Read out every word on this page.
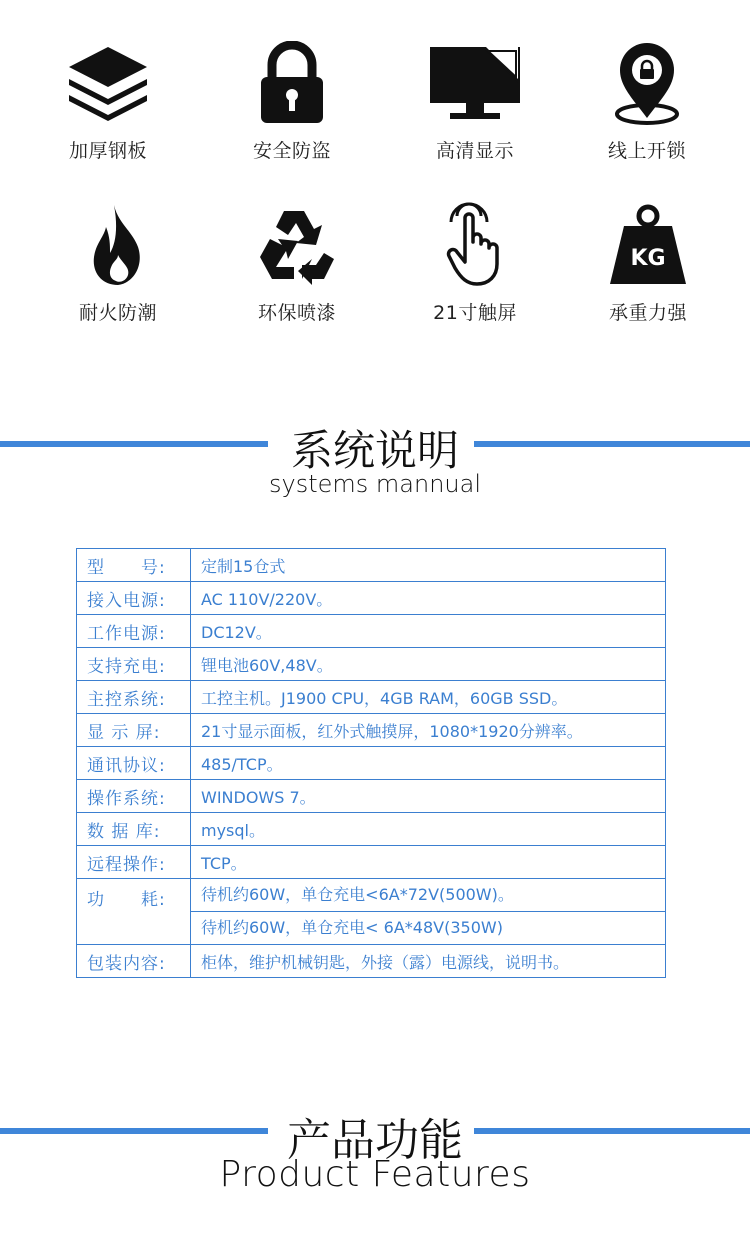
加厚钢板	安全防盗	高清显示	线上开锁
耐火防潮	环保喷漆	21寸触屏
KG
承重力强
系统说明
systems mannual
型　　号:	定制15仓式
接入电源:	AC 110V/220V。
工作电源:	DC12V。
支持充电:	锂电池60V,48V。
主控系统:	工控主机。J1900 CPU，4GB RAM，60GB SSD。
显 示 屏:	21寸显示面板，红外式触摸屏，1080*1920分辨率。
通讯协议:	485/TCP。
操作系统:	WINDOWS 7。
数 据 库:	mysql。
远程操作:	TCP。
功　　耗:	待机约60W，单仓充电<6A*72V(500W)。
待机约60W，单仓充电< 6A*48V(350W)

包装内容:	柜体，维护机械钥匙，外接（露）电源线，说明书。
产品功能
Product Features
